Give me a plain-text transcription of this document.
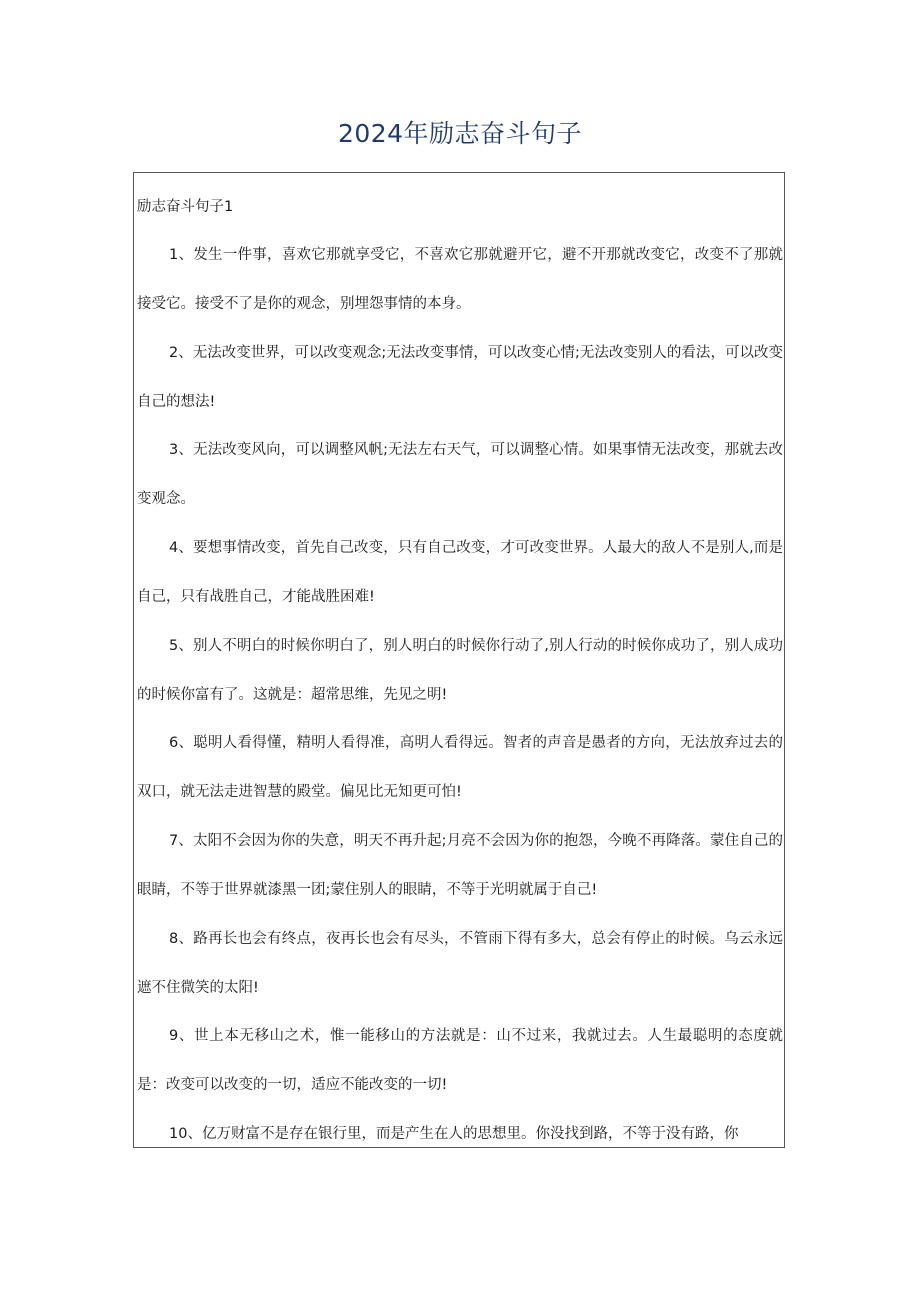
2024年励志奋斗句子
励志奋斗句子1

1、发生一件事，喜欢它那就享受它，不喜欢它那就避开它，避不开那就改变它，改变不了那就接受它。接受不了是你的观念，别埋怨事情的本身。

2、无法改变世界，可以改变观念;无法改变事情，可以改变心情;无法改变别人的看法，可以改变自己的想法!

3、无法改变风向，可以调整风帆;无法左右天气，可以调整心情。如果事情无法改变，那就去改变观念。

4、要想事情改变，首先自己改变，只有自己改变，才可改变世界。人最大的敌人不是别人,而是自己，只有战胜自己，才能战胜困难!

5、别人不明白的时候你明白了，别人明白的时候你行动了,别人行动的时候你成功了，别人成功的时候你富有了。这就是：超常思维，先见之明!

6、聪明人看得懂，精明人看得准，高明人看得远。智者的声音是愚者的方向，无法放弃过去的双口，就无法走进智慧的殿堂。偏见比无知更可怕!

7、太阳不会因为你的失意，明天不再升起;月亮不会因为你的抱怨，今晚不再降落。蒙住自己的眼睛，不等于世界就漆黑一团;蒙住别人的眼睛，不等于光明就属于自己!

8、路再长也会有终点，夜再长也会有尽头，不管雨下得有多大，总会有停止的时候。乌云永远遮不住微笑的太阳!

9、世上本无移山之术，惟一能移山的方法就是：山不过来，我就过去。人生最聪明的态度就是：改变可以改变的一切，适应不能改变的一切!

10、亿万财富不是存在银行里，而是产生在人的思想里。你没找到路，不等于没有路，你
